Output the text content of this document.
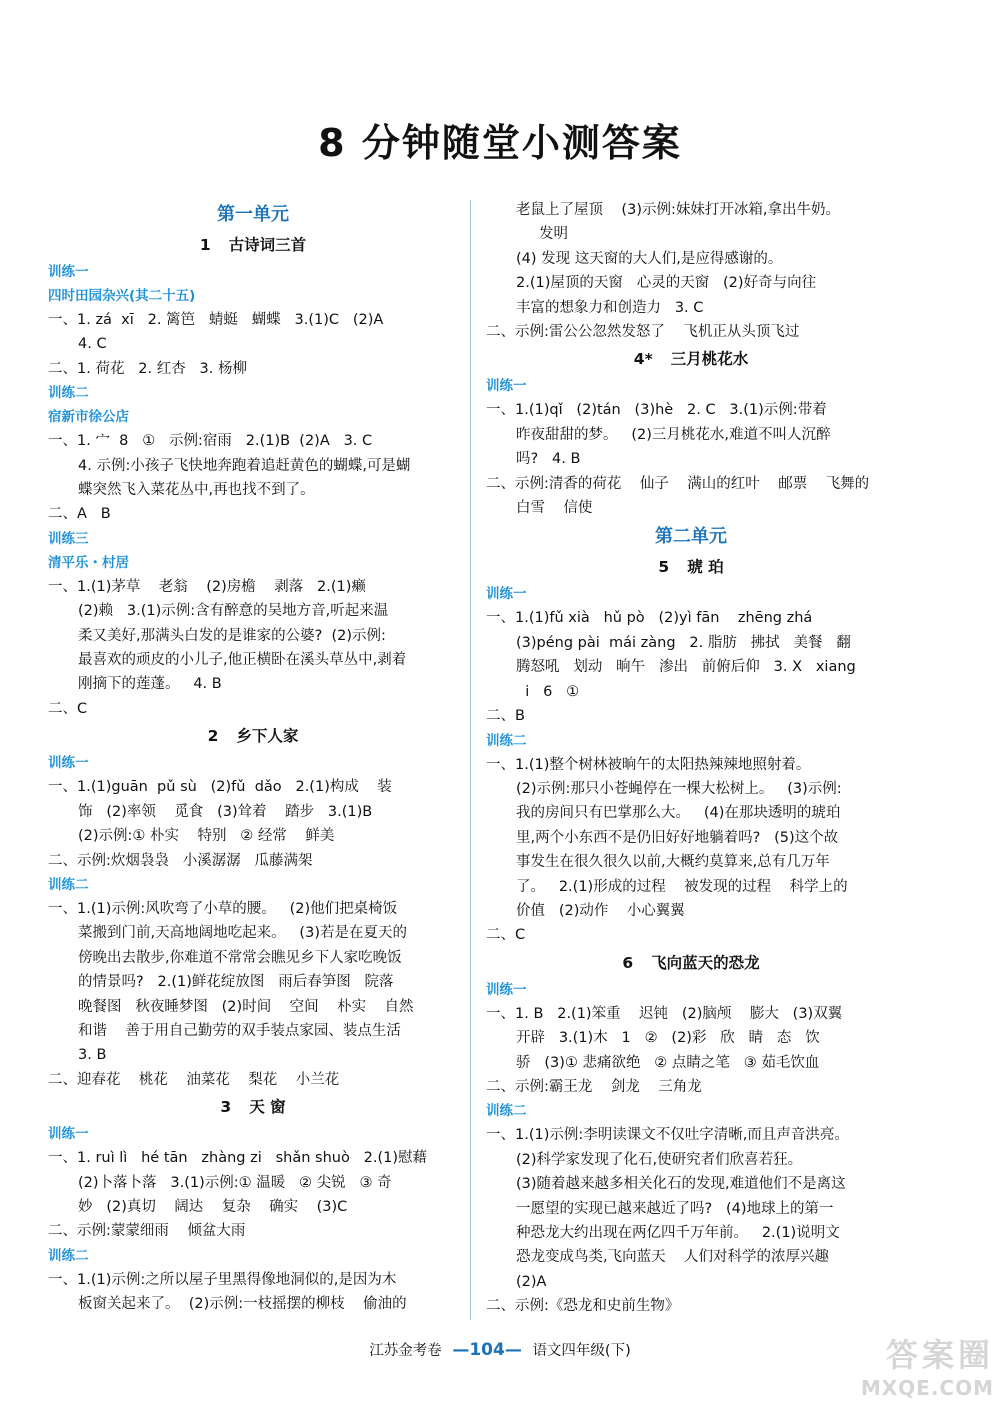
8 分钟随堂小测答案
第一单元
1 古诗词三首
训练一
四时田园杂兴(其二十五)
一、1. zá  xī   2. 篱笆   蜻蜓   蝴蝶   3.(1)C   (2)A
4. C
二、1. 荷花   2. 红杏   3. 杨柳
训练二
宿新市徐公店
一、1. 宀  8   ①   示例:宿雨   2.(1)B  (2)A   3. C
4. 示例:小孩子飞快地奔跑着追赶黄色的蝴蝶,可是蝴
蝶突然飞入菜花丛中,再也找不到了。
二、A   B
训练三
清平乐・村居
一、1.(1)茅草    老翁    (2)房檐    剥落   2.(1)癞
(2)赖   3.(1)示例:含有醉意的吴地方音,听起来温
柔又美好,那满头白发的是谁家的公婆?  (2)示例:
最喜欢的顽皮的小儿子,他正横卧在溪头草丛中,剥着
刚摘下的莲蓬。   4. B
二、C
2 乡下人家
训练一
一、1.(1)guān  pǔ sù   (2)fǔ  dǎo   2.(1)构成    装
饰   (2)率领    觅食   (3)耸着    踏步   3.(1)B
(2)示例:① 朴实    特别   ② 经常    鲜美
二、示例:炊烟袅袅   小溪潺潺   瓜藤满架
训练二
一、1.(1)示例:风吹弯了小草的腰。   (2)他们把桌椅饭
菜搬到门前,天高地阔地吃起来。   (3)若是在夏天的
傍晚出去散步,你难道不常常会瞧见乡下人家吃晚饭
的情景吗?   2.(1)鲜花绽放图   雨后春笋图   院落
晚餐图   秋夜睡梦图   (2)时间    空间    朴实    自然
和谐    善于用自己勤劳的双手装点家园、装点生活
3. B
二、迎春花    桃花    油菜花    梨花    小兰花
3 天 窗
训练一
一、1. ruì lì   hé tān   zhàng zi   shǎn shuò   2.(1)慰藉
(2)卜落卜落   3.(1)示例:① 温暖   ② 尖锐   ③ 奇
妙   (2)真切    阔达    复杂    确实    (3)C
二、示例:蒙蒙细雨    倾盆大雨
训练二
一、1.(1)示例:之所以屋子里黑得像地洞似的,是因为木
板窗关起来了。  (2)示例:一枝摇摆的柳枝    偷油的
老鼠上了屋顶    (3)示例:妹妹打开冰箱,拿出牛奶。
发明
(4) 发现 这天窗的大人们,是应得感谢的。
2.(1)屋顶的天窗   心灵的天窗   (2)好奇与向往
丰富的想象力和创造力   3. C
二、示例:雷公公忽然发怒了    飞机正从头顶飞过
4* 三月桃花水
训练一
一、1.(1)qǐ   (2)tán   (3)hè   2. C   3.(1)示例:带着
昨夜甜甜的梦。   (2)三月桃花水,难道不叫人沉醉
吗?   4. B
二、示例:清香的荷花    仙子    满山的红叶    邮票    飞舞的
白雪    信使
第二单元
5 琥 珀
训练一
一、1.(1)fǔ xià   hǔ pò   (2)yì fān    zhēng zhá
(3)péng pài  mái zàng   2. 脂肪   拂拭   美餐   翻
腾怒吼   划动   晌午   渗出   前俯后仰   3. X   xiang
i   6   ①
二、B
训练二
一、1.(1)整个树林被晌午的太阳热辣辣地照射着。
(2)示例:那只小苍蝇停在一棵大松树上。   (3)示例:
我的房间只有巴掌那么大。   (4)在那块透明的琥珀
里,两个小东西不是仍旧好好地躺着吗?   (5)这个故
事发生在很久很久以前,大概约莫算来,总有几万年
了。   2.(1)形成的过程    被发现的过程    科学上的
价值   (2)动作    小心翼翼
二、C
6 飞向蓝天的恐龙
训练一
一、1. B   2.(1)笨重    迟钝   (2)脑颅    膨大   (3)双翼
开辟   3.(1)木   1   ②   (2)彩   欣   睛   态   饮
骄   (3)① 悲痛欲绝   ② 点睛之笔   ③ 茹毛饮血
二、示例:霸王龙    剑龙    三角龙
训练二
一、1.(1)示例:李明读课文不仅吐字清晰,而且声音洪亮。
(2)科学家发现了化石,使研究者们欣喜若狂。
(3)随着越来越多相关化石的发现,难道他们不是离这
一愿望的实现已越来越近了吗?   (4)地球上的第一
种恐龙大约出现在两亿四千万年前。   2.(1)说明文
恐龙变成鸟类,飞向蓝天    人们对科学的浓厚兴趣
(2)A
二、示例:《恐龙和史前生物》
江苏金考卷 —104— 语文四年级(下)	答案圈
MXQE.COM
